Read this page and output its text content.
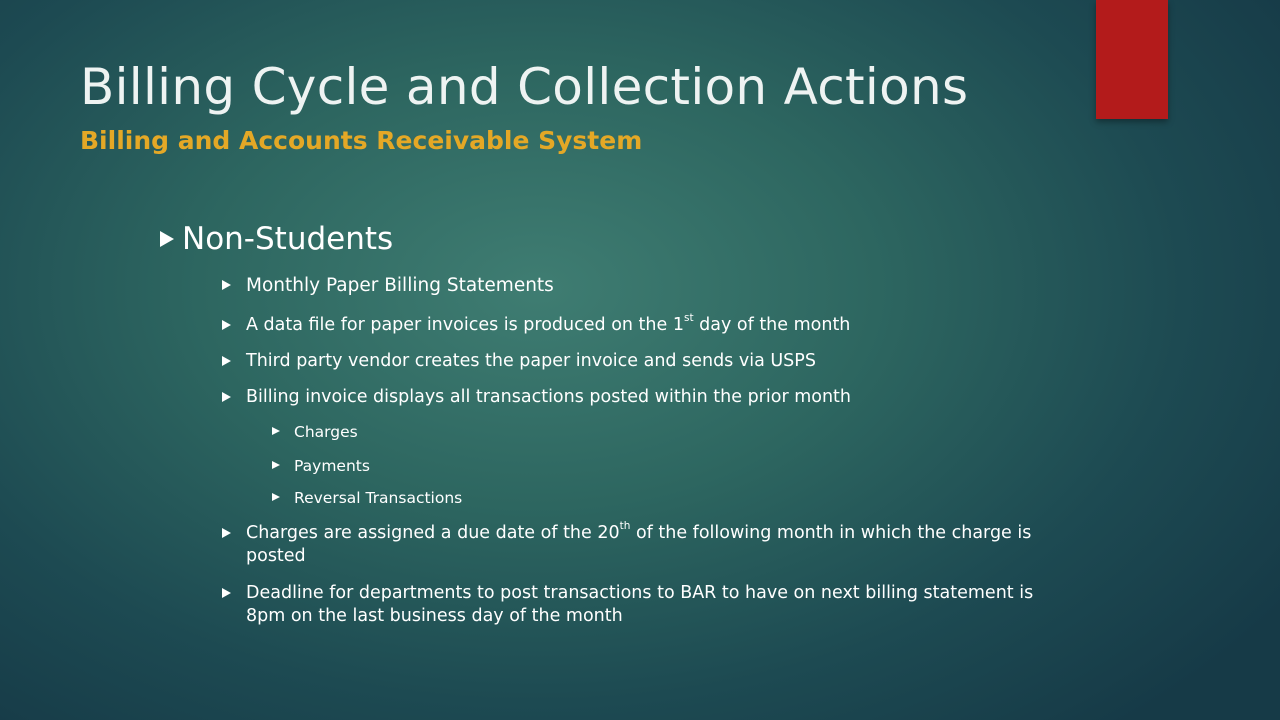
Billing Cycle and Collection Actions
Billing and Accounts Receivable System
Non-Students
Monthly Paper Billing Statements
A data file for paper invoices is produced on the 1st day of the month
Third party vendor creates the paper invoice and sends via USPS
Billing invoice displays all transactions posted within the prior month
Charges
Payments
Reversal Transactions
Charges are assigned a due date of the 20th of the following month in which the charge is posted
Deadline for departments to post transactions to BAR to have on next billing statement is 8pm on the last business day of the month
